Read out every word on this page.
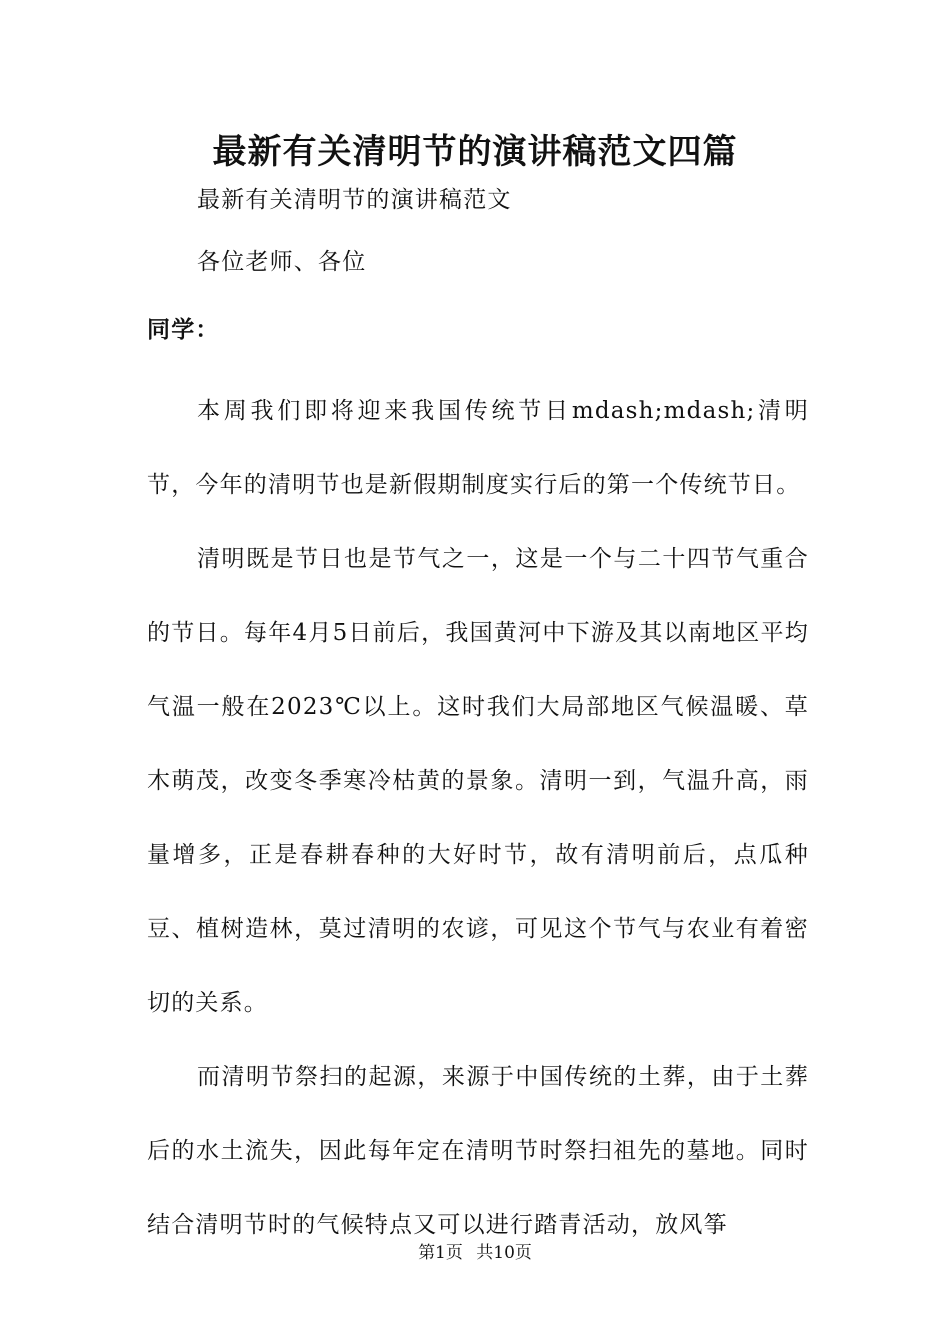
最新有关清明节的演讲稿范文四篇

最新有关清明节的演讲稿范文

各位老师、各位

同学：

本周我们即将迎来我国传统节日mdash;mdash;清明节，今年的清明节也是新假期制度实行后的第一个传统节日。

清明既是节日也是节气之一，这是一个与二十四节气重合的节日。每年4月5日前后，我国黄河中下游及其以南地区平均气温一般在2023℃以上。这时我们大局部地区气候温暖、草木萌茂，改变冬季寒冷枯黄的景象。清明一到，气温升高，雨量增多，正是春耕春种的大好时节，故有清明前后，点瓜种豆、植树造林，莫过清明的农谚，可见这个节气与农业有着密切的关系。

而清明节祭扫的起源，来源于中国传统的土葬，由于土葬后的水土流失，因此每年定在清明节时祭扫祖先的墓地。同时结合清明节时的气候特点又可以进行踏青活动，放风筝

第1页 共10页
